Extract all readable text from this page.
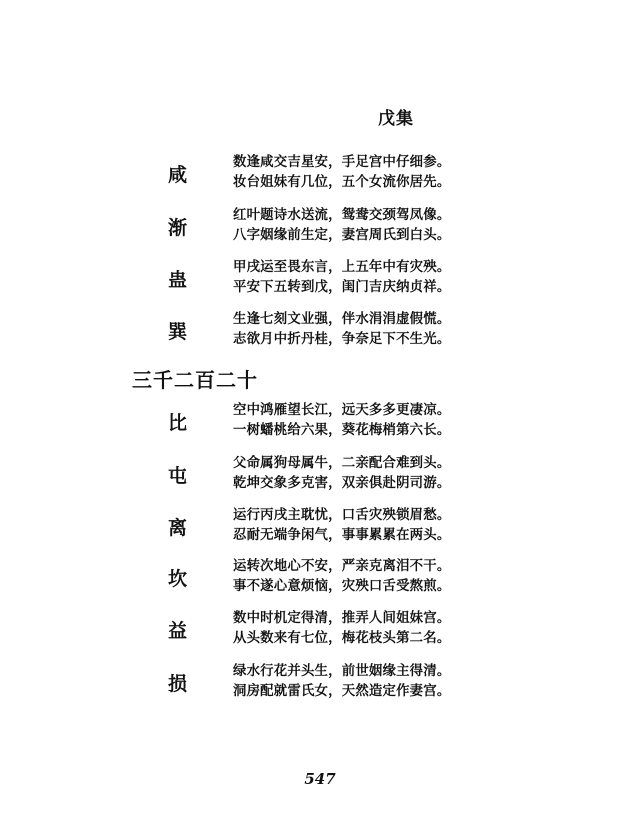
戊集
咸
数逢咸交吉星安，手足宫中仔细参。
妆台姐妹有几位，五个女流你居先。
渐
红叶题诗水送流，鸳鸯交颈驾凤像。
八字姻缘前生定，妻宫周氏到白头。
蛊
甲戌运至畏东言，上五年中有灾殃。
平安下五转到戊，闺门吉庆纳贞祥。
巽
生逢七刻文业强，伴水涓涓虚假慌。
志欲月中折丹桂，争奈足下不生光。
三千二百二十
比
空中鸿雁望长江，远天多多更凄凉。
一树蟠桃给六果，葵花梅梢第六长。
屯
父命属狗母属牛，二亲配合难到头。
乾坤交象多克害，双亲俱赴阴司游。
离
运行丙戌主耽忧，口舌灾殃锁眉愁。
忍耐无端争闲气，事事累累在两头。
坎
运转次地心不安，严亲克离泪不干。
事不遂心意烦恼，灾殃口舌受熬煎。
益
数中时机定得清，推弄人间姐妹宫。
从头数来有七位，梅花枝头第二名。
损
绿水行花并头生，前世姻缘主得清。
洞房配就雷氏女，天然造定作妻宫。
547
